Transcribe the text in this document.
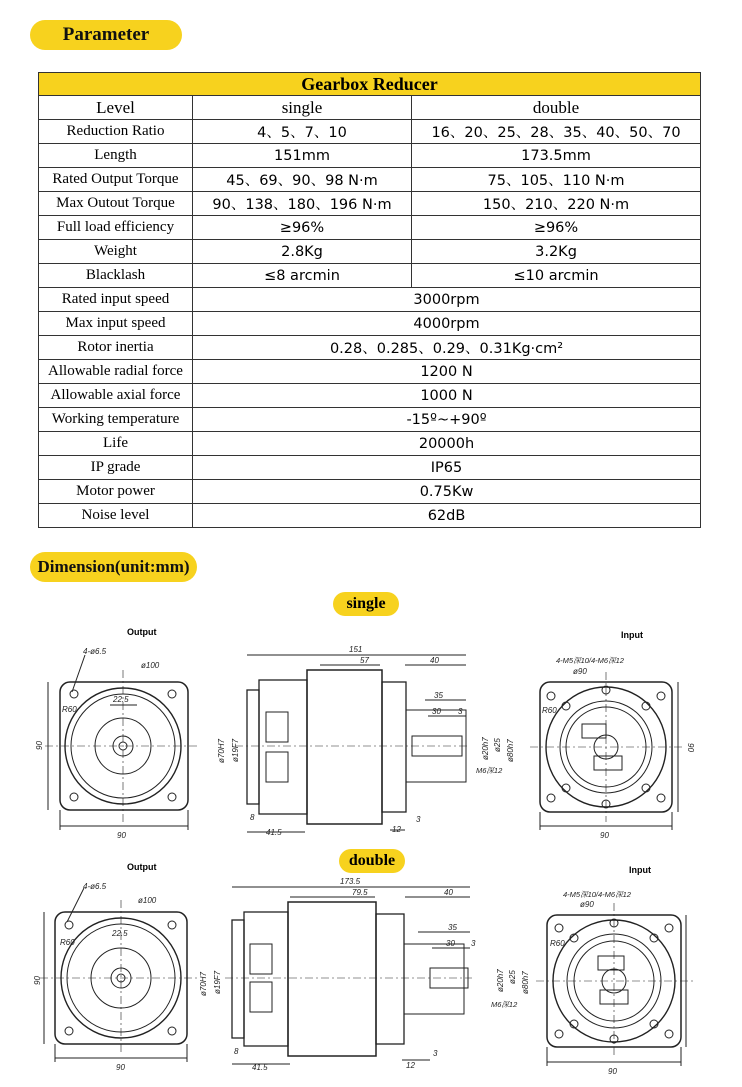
Parameter
Gearbox Reducer		
Level	single	double
Reduction Ratio	4、5、7、10	16、20、25、28、35、40、50、70
Length	151mm	173.5mm
Rated Output Torque	45、69、90、98 N·m	75、105、110 N·m
Max Outout Torque	90、138、180、196 N·m	150、210、220 N·m
Full load efficiency	≥96%	≥96%
Weight	2.8Kg	3.2Kg
Blacklash	≤8 arcmin	≤10 arcmin
Rated input speed	3000rpm	
Max input speed	4000rpm	
Rotor inertia	0.28、0.285、0.29、0.31Kg·cm²	
Allowable radial force	1200 N	
Allowable axial force	1000 N	
Working temperature	-15º~+90º	
Life	20000h	
IP grade	IP65	
Motor power	0.75Kw	
Noise level	62dB	
Dimension(unit:mm)
single
double
Output	Input
Output	Input
4-ø6.5
ø100
R60
22.5
90
90
151
57	40
35
30 3
8
41.5	12
3
M6深12
ø70H7 ø19F7	ø20h7 ø25 ø80h7
4-M5深10/4-M6深12
ø90
R60
90
90
4-ø6.5
ø100
R60
22.5
90
90
173.5
79.5	40
35
30 3
8
41.5	12
3
M6深12
ø70H7 ø19F7	ø20h7 ø25 ø80h7
4-M5深10/4-M6深12
ø90
R60
90
